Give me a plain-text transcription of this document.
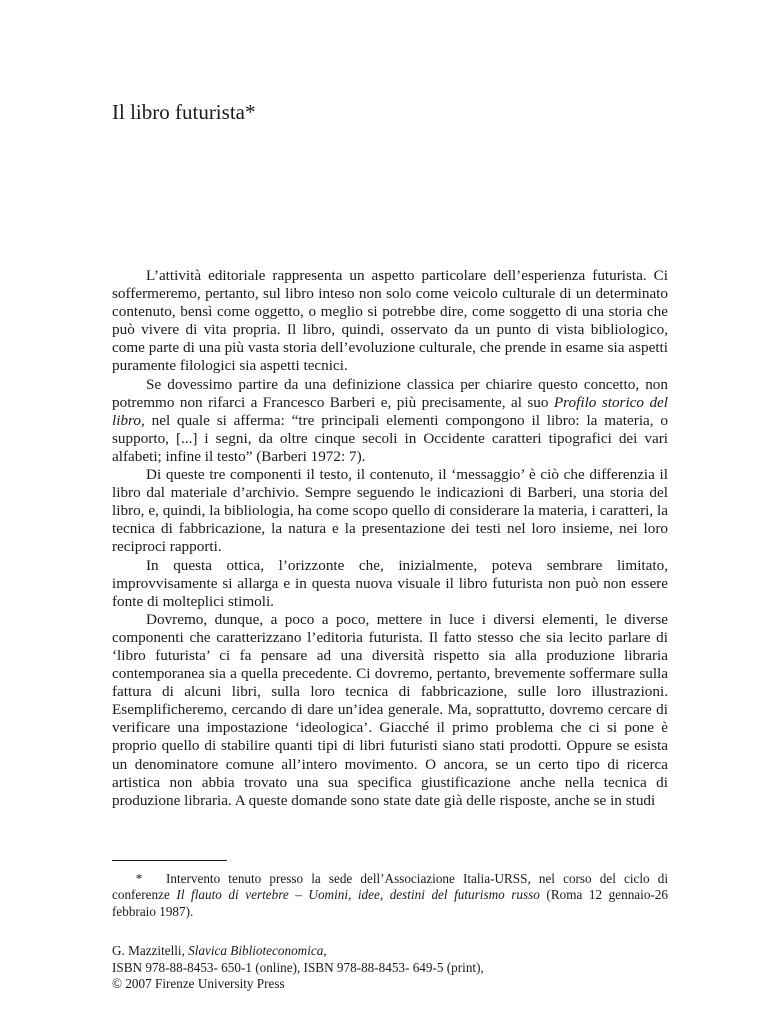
Il libro futurista*

L’attività editoriale rappresenta un aspetto particolare dell’esperienza futurista. Ci soffermeremo, pertanto, sul libro inteso non solo come veicolo culturale di un determinato contenuto, bensì come oggetto, o meglio si potrebbe dire, come soggetto di una storia che può vivere di vita propria. Il libro, quindi, osservato da un punto di vista bibliologico, come parte di una più vasta storia dell’evoluzione culturale, che prende in esame sia aspetti puramente filologici sia aspetti tecnici.

Se dovessimo partire da una definizione classica per chiarire questo concetto, non potremmo non rifarci a Francesco Barberi e, più precisamente, al suo Profilo storico del libro, nel quale si afferma: “tre principali elementi compongono il libro: la materia, o supporto, [...] i segni, da oltre cinque secoli in Occidente caratteri tipografici dei vari alfabeti; infine il testo” (Barberi 1972: 7).

Di queste tre componenti il testo, il contenuto, il ‘messaggio’ è ciò che differenzia il libro dal materiale d’archivio. Sempre seguendo le indicazioni di Barberi, una storia del libro, e, quindi, la bibliologia, ha come scopo quello di considerare la materia, i caratteri, la tecnica di fabbricazione, la natura e la presentazione dei testi nel loro insieme, nei loro reciproci rapporti.

In questa ottica, l’orizzonte che, inizialmente, poteva sembrare limitato, improvvisamente si allarga e in questa nuova visuale il libro futurista non può non essere fonte di molteplici stimoli.

Dovremo, dunque, a poco a poco, mettere in luce i diversi elementi, le diverse componenti che caratterizzano l’editoria futurista. Il fatto stesso che sia lecito parlare di ‘libro futurista’ ci fa pensare ad una diversità rispetto sia alla produzione libraria contemporanea sia a quella precedente. Ci dovremo, pertanto, brevemente soffermare sulla fattura di alcuni libri, sulla loro tecnica di fabbricazione, sulle loro illustrazioni. Esemplificheremo, cercando di dare un’idea generale. Ma, soprattutto, dovremo cercare di verificare una impostazione ‘ideologica’. Giacché il primo problema che ci si pone è proprio quello di stabilire quanti tipi di libri futuristi siano stati prodotti. Oppure se esista un denominatore comune all’intero movimento. O ancora, se un certo tipo di ricerca artistica non abbia trovato una sua specifica giustificazione anche nella tecnica di produzione libraria. A queste domande sono state date già delle risposte, anche se in studi

* Intervento tenuto presso la sede dell’Associazione Italia-URSS, nel corso del ciclo di conferenze Il flauto di vertebre – Uomini, idee, destini del futurismo russo (Roma 12 gennaio-26 febbraio 1987).
G. Mazzitelli, Slavica Biblioteconomica,
ISBN 978-88-8453- 650-1 (online), ISBN 978-88-8453- 649-5 (print),
© 2007 Firenze University Press
